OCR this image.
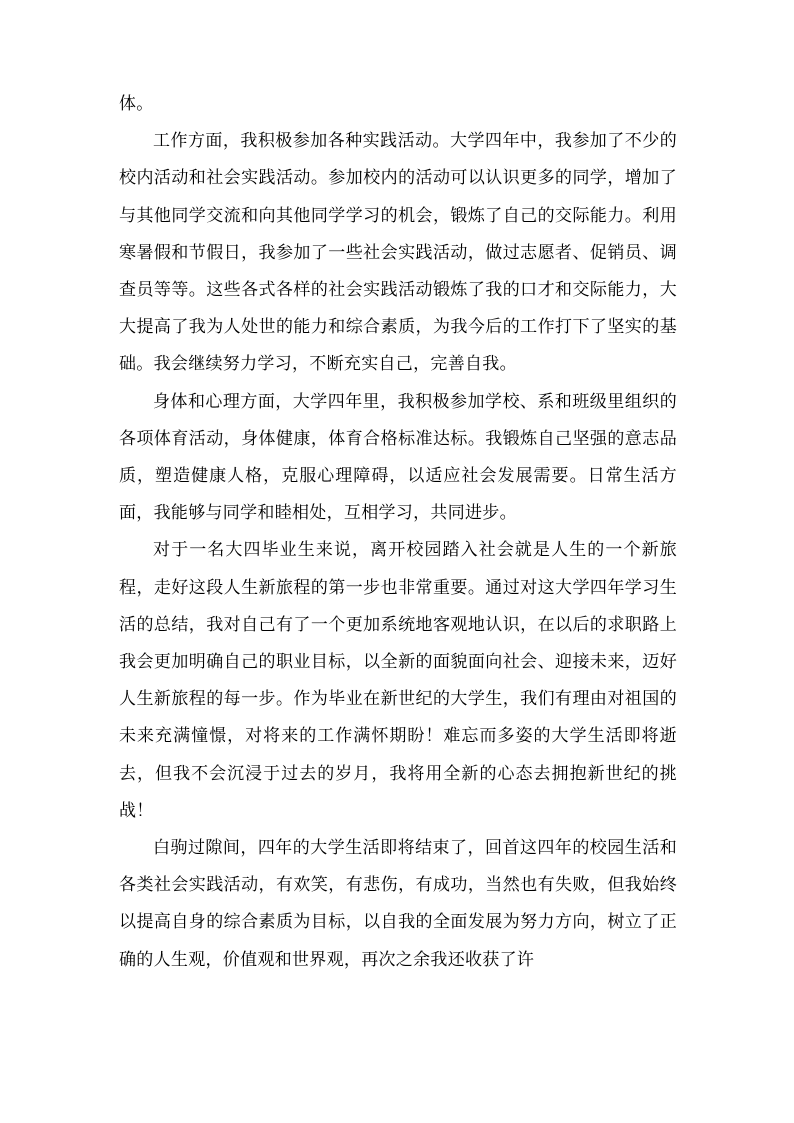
体。

工作方面，我积极参加各种实践活动。大学四年中，我参加了不少的校内活动和社会实践活动。参加校内的活动可以认识更多的同学，增加了与其他同学交流和向其他同学学习的机会，锻炼了自己的交际能力。利用寒暑假和节假日，我参加了一些社会实践活动，做过志愿者、促销员、调查员等等。这些各式各样的社会实践活动锻炼了我的口才和交际能力，大大提高了我为人处世的能力和综合素质，为我今后的工作打下了坚实的基础。我会继续努力学习，不断充实自己，完善自我。

身体和心理方面，大学四年里，我积极参加学校、系和班级里组织的各项体育活动，身体健康，体育合格标准达标。我锻炼自己坚强的意志品质，塑造健康人格，克服心理障碍，以适应社会发展需要。日常生活方面，我能够与同学和睦相处，互相学习，共同进步。

对于一名大四毕业生来说，离开校园踏入社会就是人生的一个新旅程，走好这段人生新旅程的第一步也非常重要。通过对这大学四年学习生活的总结，我对自己有了一个更加系统地客观地认识，在以后的求职路上我会更加明确自己的职业目标，以全新的面貌面向社会、迎接未来，迈好人生新旅程的每一步。作为毕业在新世纪的大学生，我们有理由对祖国的未来充满憧憬，对将来的工作满怀期盼！难忘而多姿的大学生活即将逝去，但我不会沉浸于过去的岁月，我将用全新的心态去拥抱新世纪的挑战！

白驹过隙间，四年的大学生活即将结束了，回首这四年的校园生活和各类社会实践活动，有欢笑，有悲伤，有成功，当然也有失败，但我始终以提高自身的综合素质为目标，以自我的全面发展为努力方向，树立了正确的人生观，价值观和世界观，再次之余我还收获了许
